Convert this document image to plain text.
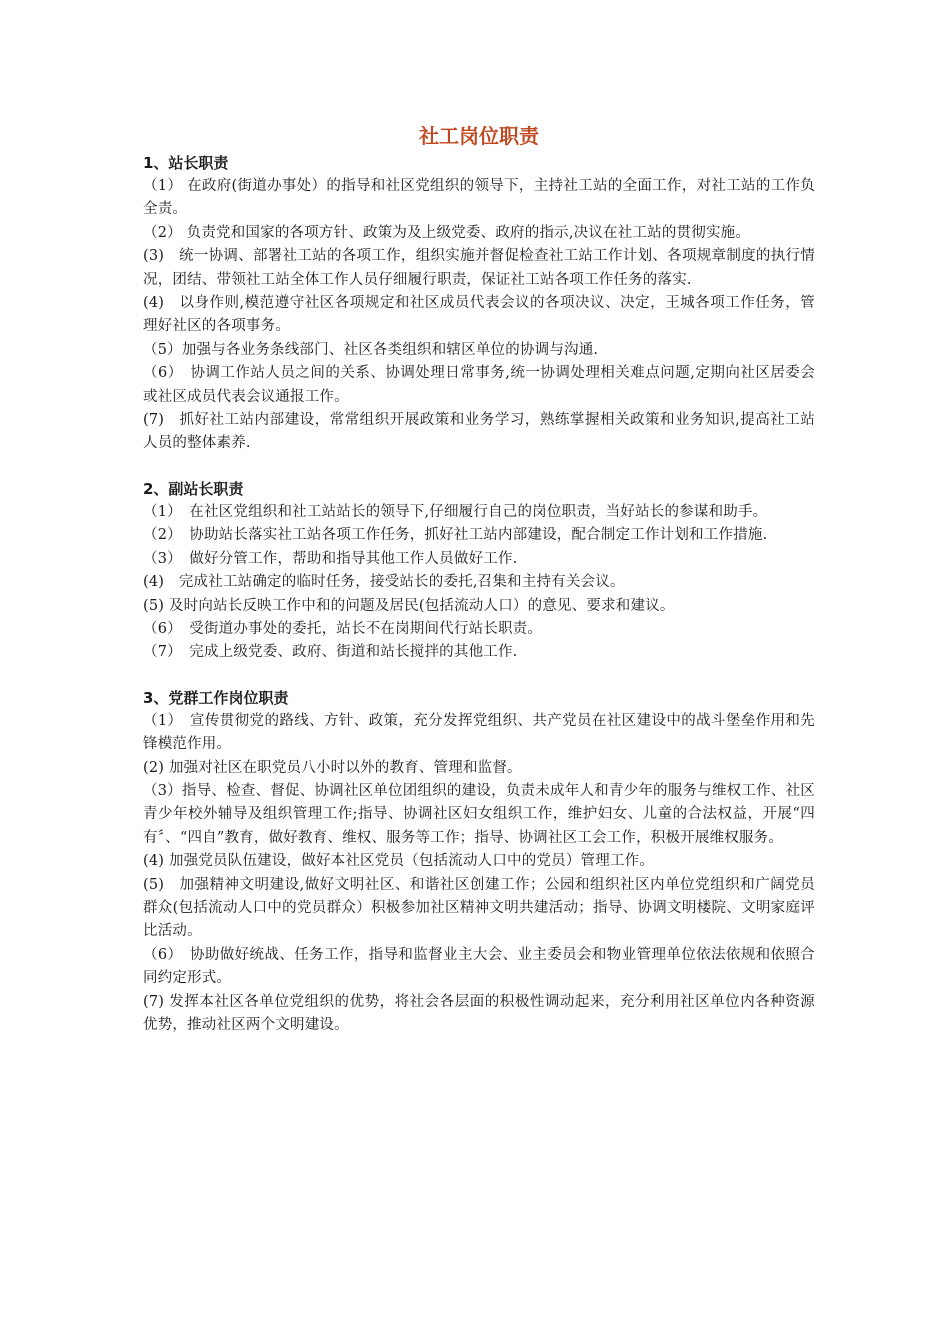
社工岗位职责

1、站长职责

（1） 在政府(街道办事处）的指导和社区党组织的领导下，主持社工站的全面工作，对社工站的工作负全责。

（2） 负责党和国家的各项方针、政策为及上级党委、政府的指示,决议在社工站的贯彻实施。

(3)　统一协调、部署社工站的各项工作，组织实施并督促检查社工站工作计划、各项规章制度的执行情况，团结、带领社工站全体工作人员仔细履行职责，保证社工站各项工作任务的落实.

(4)　以身作则,模范遵守社区各项规定和社区成员代表会议的各项决议、决定，王城各项工作任务，管理好社区的各项事务。

（5）加强与各业务条线部门、社区各类组织和辖区单位的协调与沟通.

（6）　协调工作站人员之间的关系、协调处理日常事务,统一协调处理相关难点问题,定期向社区居委会或社区成员代表会议通报工作。

(7)　抓好社工站内部建设，常常组织开展政策和业务学习，熟练掌握相关政策和业务知识,提高社工站人员的整体素养.

2、副站长职责

（1）　在社区党组织和社工站站长的领导下,仔细履行自己的岗位职责，当好站长的参谋和助手。

（2）　协助站长落实社工站各项工作任务，抓好社工站内部建设，配合制定工作计划和工作措施.

（3）　做好分管工作，帮助和指导其他工作人员做好工作.

(4)　完成社工站确定的临时任务，接受站长的委托,召集和主持有关会议。

(5) 及时向站长反映工作中和的问题及居民(包括流动人口）的意见、要求和建议。

（6）　受街道办事处的委托，站长不在岗期间代行站长职责。

（7）　完成上级党委、政府、街道和站长搅拌的其他工作.

3、党群工作岗位职责

（1）　宣传贯彻党的路线、方针、政策，充分发挥党组织、共产党员在社区建设中的战斗堡垒作用和先锋模范作用。

(2) 加强对社区在职党员八小时以外的教育、管理和监督。

（3）指导、检查、督促、协调社区单位团组织的建设，负责未成年人和青少年的服务与维权工作、社区青少年校外辅导及组织管理工作;指导、协调社区妇女组织工作，维护妇女、儿童的合法权益，开展“四有〞、“四自”教育，做好教育、维权、服务等工作；指导、协调社区工会工作，积极开展维权服务。

(4) 加强党员队伍建设，做好本社区党员（包括流动人口中的党员）管理工作。

(5)　加强精神文明建设,做好文明社区、和谐社区创建工作；公园和组织社区内单位党组织和广阔党员群众(包括流动人口中的党员群众）积极参加社区精神文明共建活动；指导、协调文明楼院、文明家庭评比活动。

（6）　协助做好统战、任务工作，指导和监督业主大会、业主委员会和物业管理单位依法依规和依照合同约定形式。

(7) 发挥本社区各单位党组织的优势，将社会各层面的积极性调动起来，充分利用社区单位内各种资源优势，推动社区两个文明建设。
